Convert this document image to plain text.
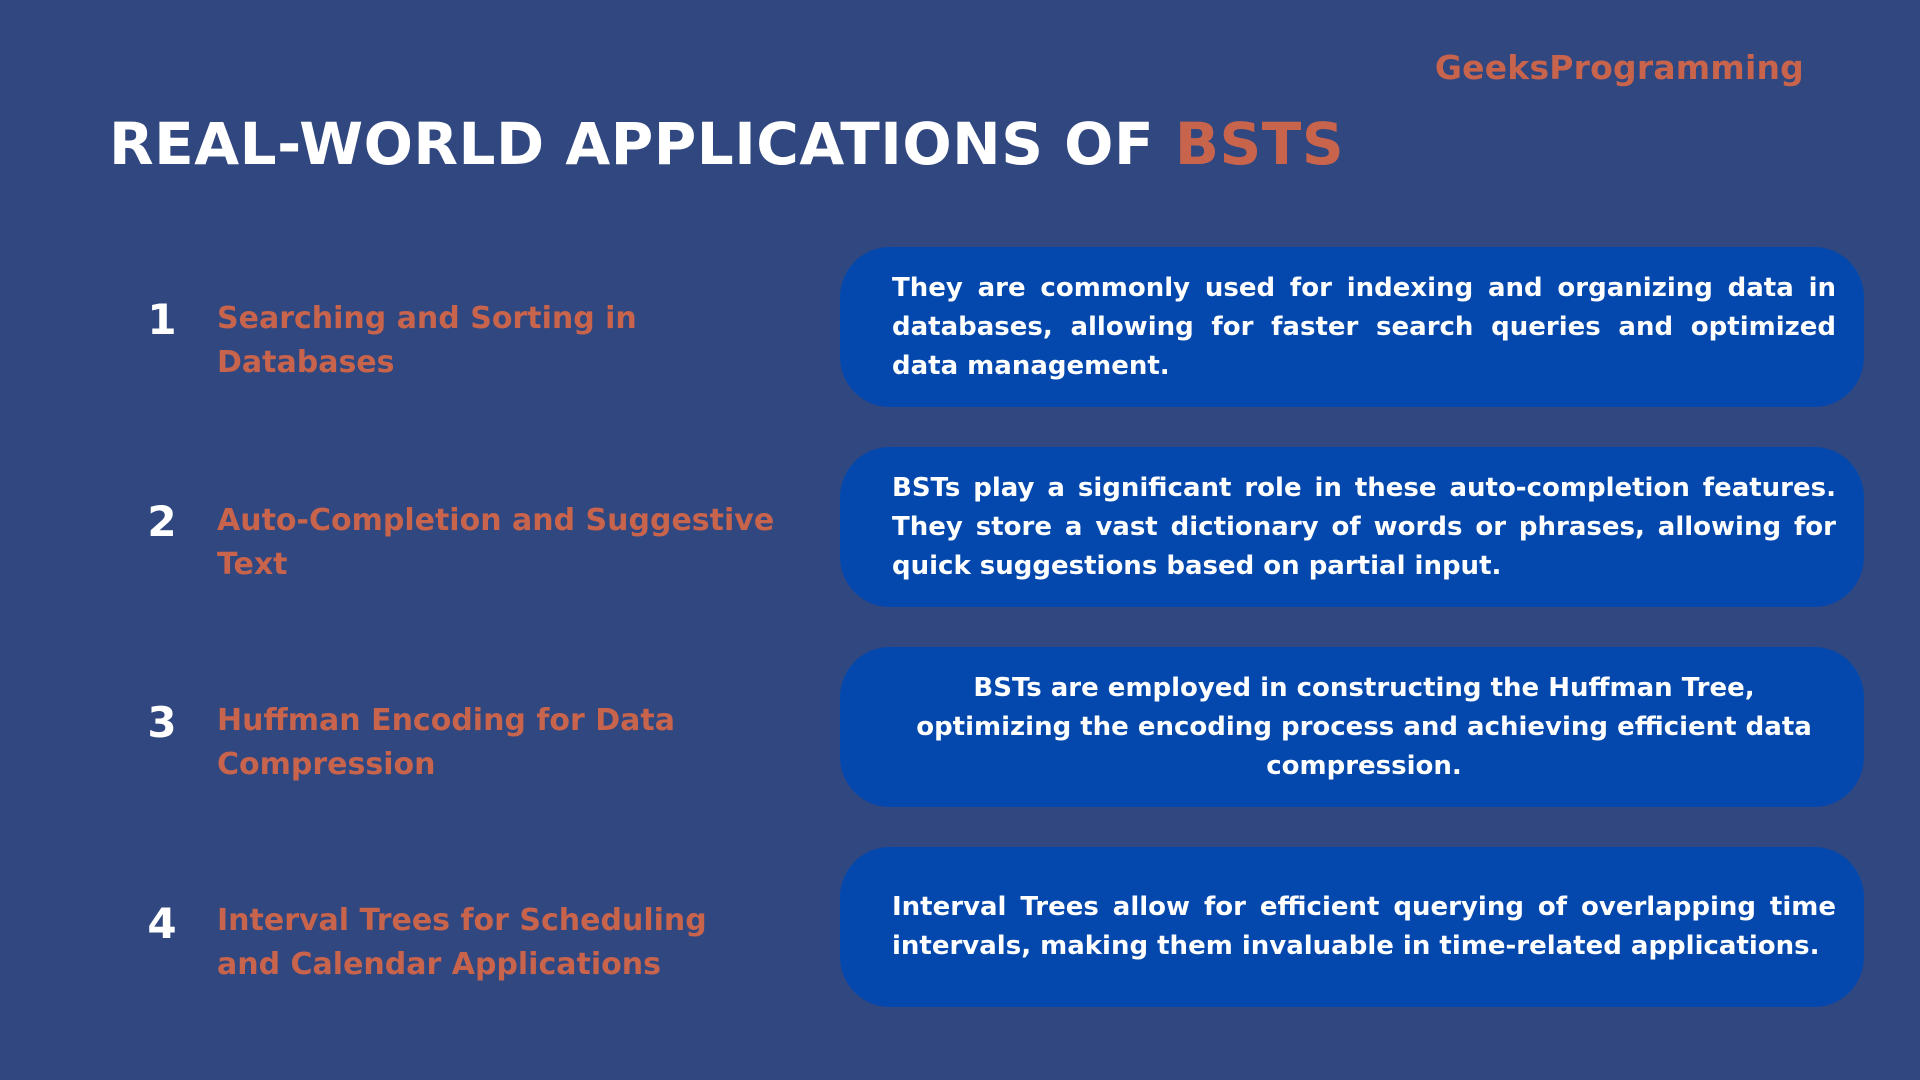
GeeksProgramming
REAL-WORLD APPLICATIONS OF BSTS
1 Searching and Sorting in Databases
They are commonly used for indexing and organizing data in databases, allowing for faster search queries and optimized data management.
2 Auto-Completion and Suggestive Text
BSTs play a significant role in these auto-completion features. They store a vast dictionary of words or phrases, allowing for quick suggestions based on partial input.
3 Huffman Encoding for Data Compression
BSTs are employed in constructing the Huffman Tree, optimizing the encoding process and achieving efficient data compression.
4 Interval Trees for Scheduling and Calendar Applications
Interval Trees allow for efficient querying of overlapping time intervals, making them invaluable in time-related applications.
